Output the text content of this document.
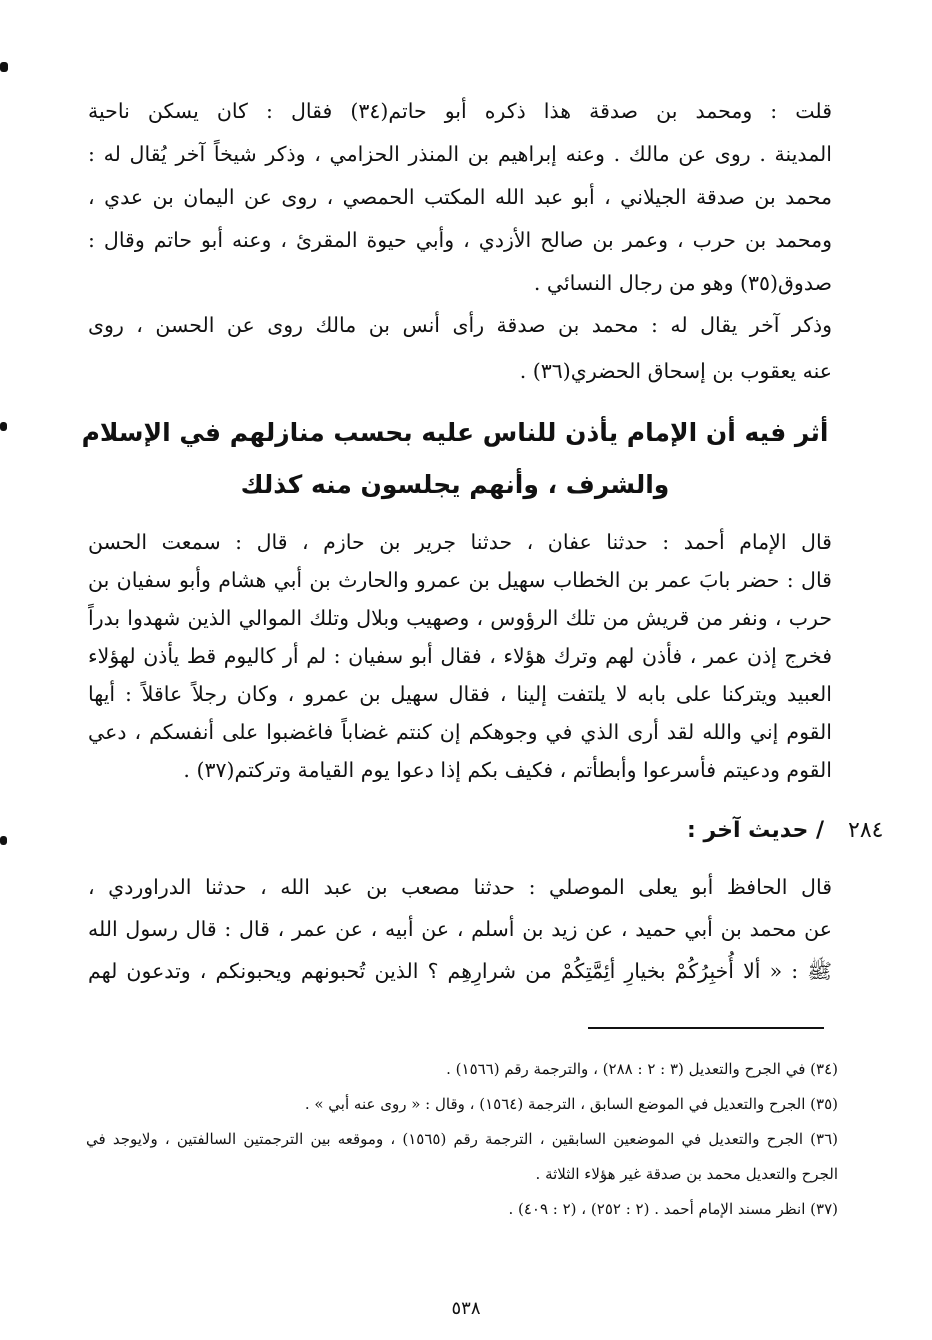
قلت : ومحمد بن صدقة هذا ذكره أبو حاتم(٣٤) فقال : كان يسكن ناحية
المدينة . روى عن مالك . وعنه إبراهيم بن المنذر الحزامي ، وذكر شيخاً آخر يُقال له :
محمد بن صدقة الجيلاني ، أبو عبد الله المكتب الحمصي ، روى عن اليمان بن عدي ،
ومحمد بن حرب ، وعمر بن صالح الأزدي ، وأبي حيوة المقرئ ، وعنه أبو حاتم وقال :
صدوق(٣٥) وهو من رجال النسائي .
وذكر آخر يقال له : محمد بن صدقة رأى أنس بن مالك روى عن الحسن ، روى
عنه يعقوب بن إسحاق الحضري(٣٦) .
أثر فيه أن الإمام يأذن للناس عليه بحسب منازلهم في الإسلام
والشرف ، وأنهم يجلسون منه كذلك
قال الإمام أحمد : حدثنا عفان ، حدثنا جرير بن حازم ، قال : سمعت الحسن
قال : حضر بابَ عمر بن الخطاب سهيل بن عمرو والحارث بن أبي هشام وأبو سفيان بن
حرب ، ونفر من قريش من تلك الرؤوس ، وصهيب وبلال وتلك الموالي الذين شهدوا بدراً
فخرج إذن عمر ، فأذن لهم وترك هؤلاء ، فقال أبو سفيان : لم أر كاليوم قط يأذن لهؤلاء
العبيد ويتركنا على بابه لا يلتفت إلينا ، فقال سهيل بن عمرو ، وكان رجلاً عاقلاً : أيها
القوم إني والله لقد أرى الذي في وجوهكم إن كنتم غضاباً فاغضبوا على أنفسكم ، دعي
القوم ودعيتم فأسرعوا وأبطأتم ، فكيف بكم إذا دعوا يوم القيامة وتركتم(٣٧) .
٢٨٤
/ حديث آخر :
قال الحافظ أبو يعلى الموصلي : حدثنا مصعب بن عبد الله ، حدثنا الدراوردي ،
عن محمد بن أبي حميد ، عن زيد بن أسلم ، عن أبيه ، عن عمر ، قال : قال رسول الله
ﷺ : « ألا أُخبِرُكُمْ بخيارِ أئِمَّتِكُمْ من شرارِهِم ؟ الذين تُحبونهم ويحبونكم ، وتدعون لهم
(٣٤) في الجرح والتعديل (٣ : ٢ : ٢٨٨) ، والترجمة رقم (١٥٦٦) .
(٣٥) الجرح والتعديل في الموضع السابق ، الترجمة (١٥٦٤) ، وقال : « روى عنه أبي » .
(٣٦) الجرح والتعديل في الموضعين السابقين ، الترجمة رقم (١٥٦٥) ، وموقعه بين الترجمتين السالفتين ، ولايوجد في
الجرح والتعديل محمد بن صدقة غير هؤلاء الثلاثة .
(٣٧) انظر مسند الإمام أحمد . (٢ : ٢٥٢) ، (٢ : ٤٠٩) .
٥٣٨
